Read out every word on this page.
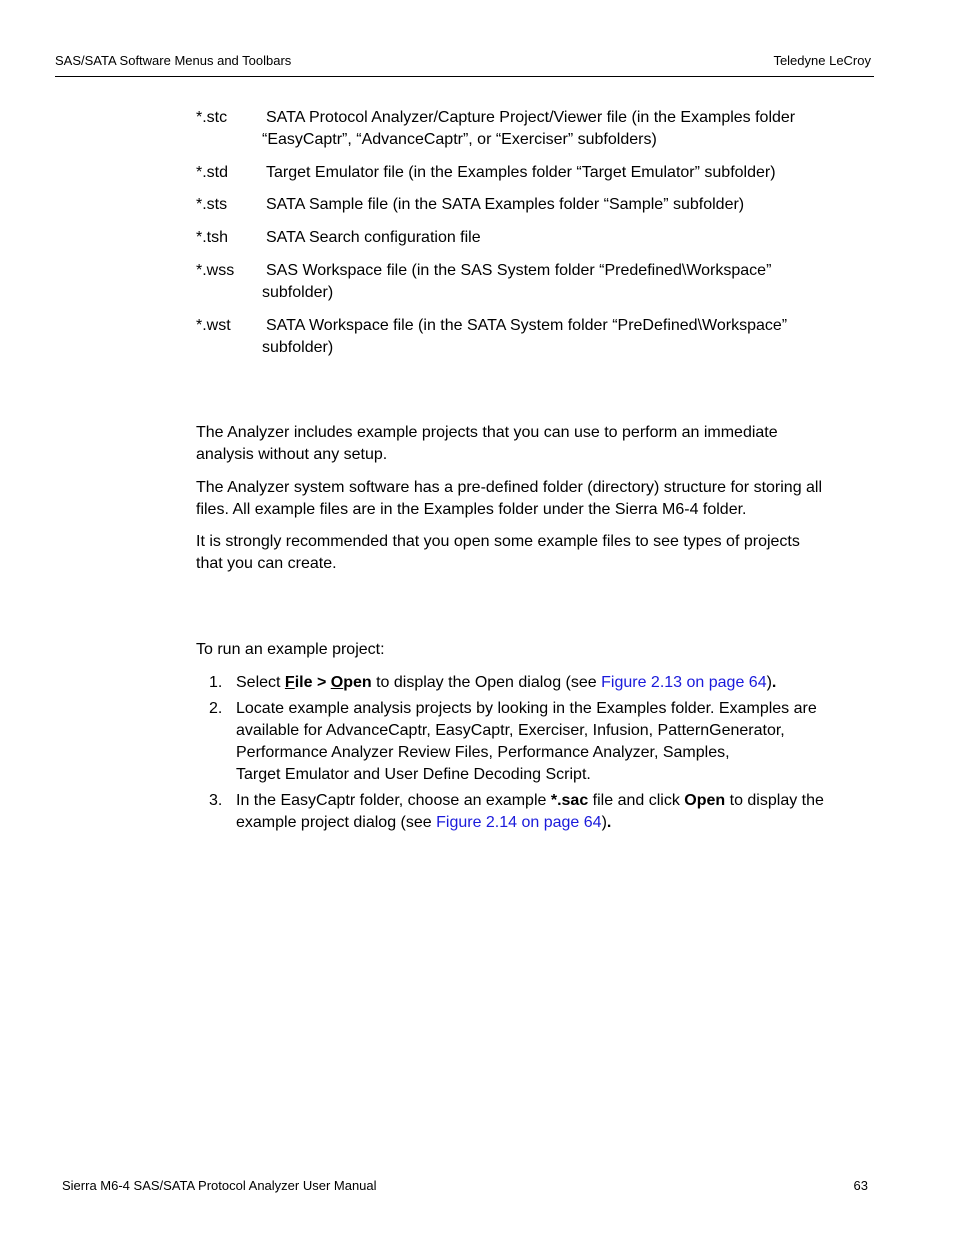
SAS/SATA Software Menus and Toolbars	Teledyne LeCroy
*.stc SATA Protocol Analyzer/Capture Project/Viewer file (in the Examples folder
“EasyCaptr”, “AdvanceCaptr”, or “Exerciser” subfolders)
*.std Target Emulator file (in the Examples folder “Target Emulator” subfolder)
*.sts SATA Sample file (in the SATA Examples folder “Sample” subfolder)
*.tsh SATA Search configuration file
*.wss SAS Workspace file (in the SAS System folder “Predefined\Workspace”
subfolder)
*.wst SATA Workspace file (in the SATA System folder “PreDefined\Workspace”
subfolder)
The Analyzer includes example projects that you can use to perform an immediate
analysis without any setup.
The Analyzer system software has a pre-defined folder (directory) structure for storing all
files. All example files are in the Examples folder under the Sierra M6-4 folder.
It is strongly recommended that you open some example files to see types of projects
that you can create.
To run an example project:
1. Select File > Open to display the Open dialog (see Figure 2.13 on page 64).
2. Locate example analysis projects by looking in the Examples folder. Examples are
available for AdvanceCaptr, EasyCaptr, Exerciser, Infusion, PatternGenerator,
Performance Analyzer Review Files, Performance Analyzer, Samples,
Target Emulator and User Define Decoding Script.
3. In the EasyCaptr folder, choose an example *.sac file and click Open to display the
example project dialog (see Figure 2.14 on page 64).
Sierra M6-4 SAS/SATA Protocol Analyzer User Manual	63
